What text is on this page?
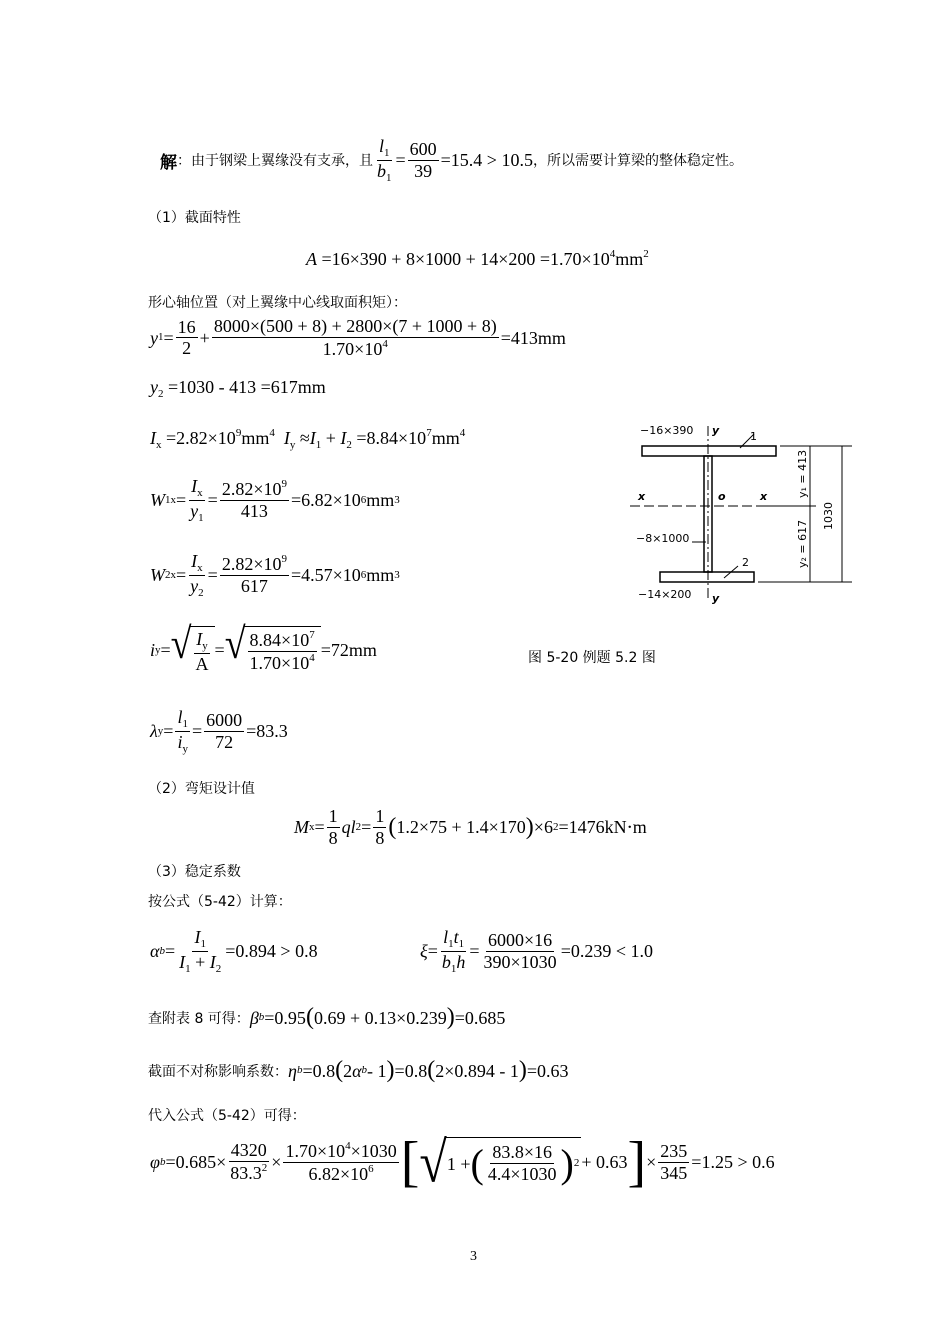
解 ： 由于钢梁上翼缘没有支承，且 $\frac{l_1}{b_1} = \frac{600}{39} =15.4 > 10.5$ ，所以需要计算梁的整体稳定性。
（1）截面特性
$A =16\times 390 + 8\times 1000 + 14\times 200 =1.70\times 10^4mm^2$
形心轴位置（对上翼缘中心线取面积矩）：
y $1 = \frac{16}{2} + \frac{8000\times(500 + 8) + 2800\times(7 + 1000 + 8)}{1.70\times 10^4} =413mm$
$y_2 =1030 - 413 =617mm$
$I_x =2.82\times 10^9mm^4$ $I_y \approx I_1 + I_2 =8.84\times 10^7mm^4$
W $1x = \frac{I_x}{y_1} = \frac{2.82\times 10^9}{413} =6.82\times 10$ 6 mm 3
W $2x = \frac{I_x}{y_2} = \frac{2.82\times 10^9}{617} =4.57\times 10$ 6 mm 3
i y = √ $\frac{I_y}{A}$ = √ $\frac{8.84\times 10^7}{1.70\times 10^4} =72mm$
λ $y = \frac{l_1}{i_y} = \frac{6000}{72} =83.3$
−16×390
−8×1000
−14×200
y
y
x	x
o
1
2
y₁ = 413
y₂ = 617
1030
图 5-20 例题 5.2 图
（2）弯矩设计值
M $x = \frac{1}{8}$ ql $2 = \frac{1}{8}$ ( 1.2×75 + 1.4×170 ) ×6 2 =1476kN⋅m
（3）稳定系数
按公式（5-42）计算：
α $b = \frac{I_1}{I_1 + I_2} =0.894 > 0.8$	$\xi = \frac{l_1t_1}{b_1h} = \frac{6000\times 16}{390\times 1030} =0.239 < 1.0$
查附表 8 可得： β b =0.95 ( 0.69 + 0.13×0.239 ) =0.685
截面不对称影响系数： η b =0.8 ( 2 α b - 1 ) =0.8 ( 2×0.894 - 1 ) =0.63
代入公式（5-42）可得：
φ $b =0.685\times \frac{4320}{83.3^2} \times \frac{1.70\times 10^4\times 1030}{6.82\times 10^6}$ [ √ 1 + ( $\frac{83.8\times 16}{4.4\times 1030}$ ) 2 + 0.63 ] × $\frac{235}{345} =1.25 > 0.6$
3
